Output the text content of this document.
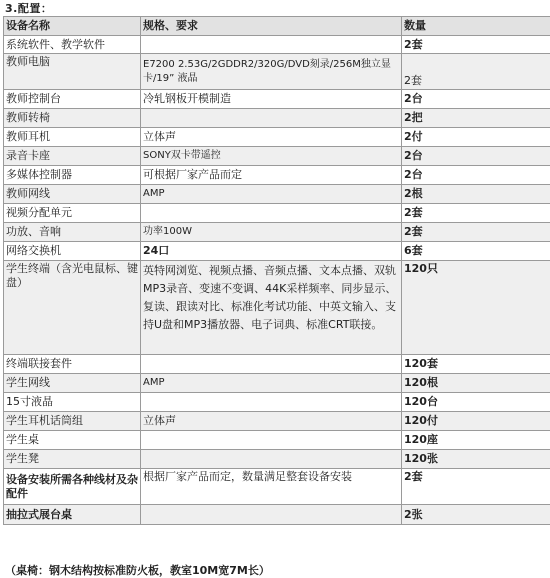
3.配置：
设备名称	规格、要求	数量
系统软件、教学软件		2套
教师电脑	E7200 2.53G/2GDDR2/320G/DVD刻录/256M独立显卡/19” 液晶	2套
教师控制台	冷轧钢板开模制造	2台
教师转椅		2把
教师耳机	立体声	2付
录音卡座	SONY双卡带遥控	2台
多媒体控制器	可根据厂家产品而定	2台
教师网线	AMP	2根
视频分配单元		2套
功放、音响	功率100W	2套
网络交换机	24口	6套
学生终端（含光电鼠标、键盘）	英特网浏览、视频点播、音频点播、文本点播、双轨MP3录音、变速不变调、44K采样频率、同步显示、复读、跟读对比、标准化考试功能、中英文输入、支持U盘和MP3播放器、电子词典、标准CRT联接。	120只
终端联接套件		120套
学生网线	AMP	120根
15寸液晶		120台
学生耳机话筒组	立体声	120付
学生桌		120座
学生凳		120张
设备安装所需各种线材及杂配件	根据厂家产品而定，数量满足整套设备安装	2套
抽拉式展台桌		2张
（桌椅：钢木结构按标准防火板，教室10M宽7M长）
